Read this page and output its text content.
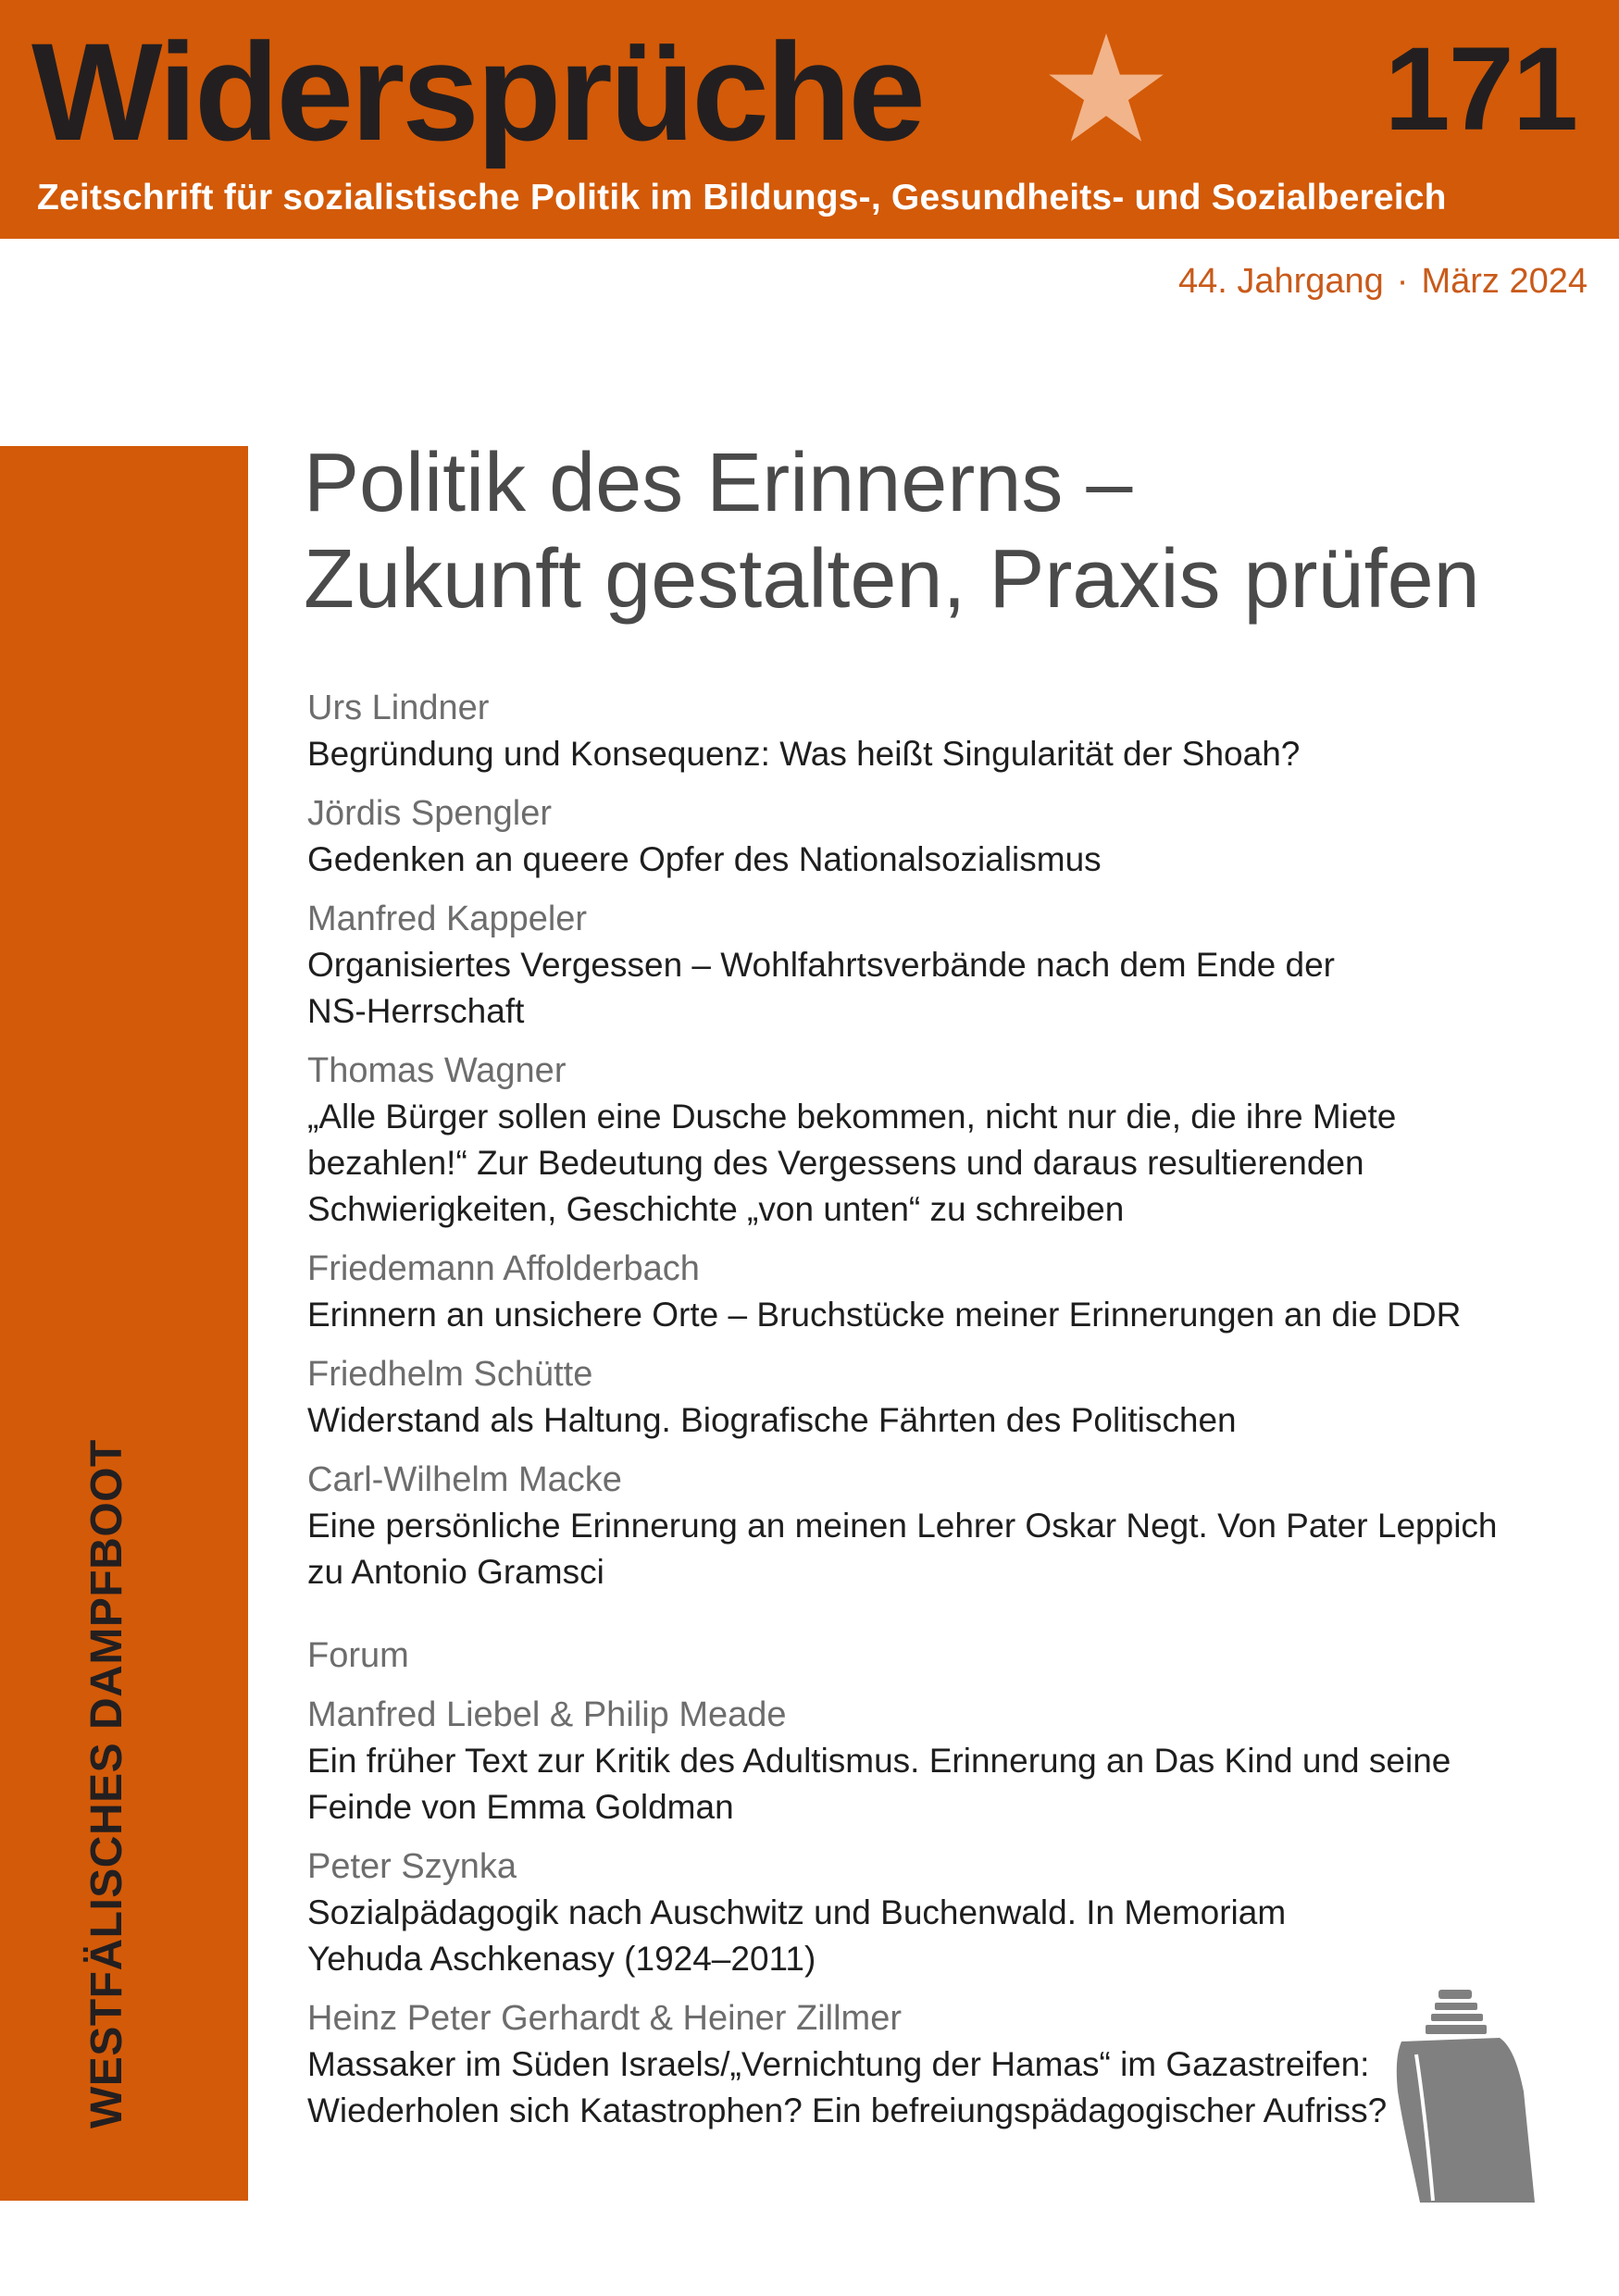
Widersprüche	171
Zeitschrift für sozialistische Politik im Bildungs-, Gesundheits- und Sozialbereich
44. Jahrgang · März 2024
WESTFÄLISCHES DAMPFBOOT
Politik des Erinnerns –
Zukunft gestalten, Praxis prüfen
Urs Lindner
Begründung und Konsequenz: Was heißt Singularität der Shoah?
Jördis Spengler
Gedenken an queere Opfer des Nationalsozialismus
Manfred Kappeler
Organisiertes Vergessen – Wohlfahrtsverbände nach dem Ende der
NS-Herrschaft
Thomas Wagner
„Alle Bürger sollen eine Dusche bekommen, nicht nur die, die ihre Miete
bezahlen!“ Zur Bedeutung des Vergessens und daraus resultierenden
Schwierigkeiten, Geschichte „von unten“ zu schreiben
Friedemann Affolderbach
Erinnern an unsichere Orte – Bruchstücke meiner Erinnerungen an die DDR
Friedhelm Schütte
Widerstand als Haltung. Biografische Fährten des Politischen
Carl-Wilhelm Macke
Eine persönliche Erinnerung an meinen Lehrer Oskar Negt. Von Pater Leppich
zu Antonio Gramsci
Forum
Manfred Liebel & Philip Meade
Ein früher Text zur Kritik des Adultismus. Erinnerung an Das Kind und seine
Feinde von Emma Goldman
Peter Szynka
Sozialpädagogik nach Auschwitz und Buchenwald. In Memoriam
Yehuda Aschkenasy (1924–2011)
Heinz Peter Gerhardt & Heiner Zillmer
Massaker im Süden Israels/„Vernichtung der Hamas“ im Gazastreifen:
Wiederholen sich Katastrophen? Ein befreiungspädagogischer Aufriss?
